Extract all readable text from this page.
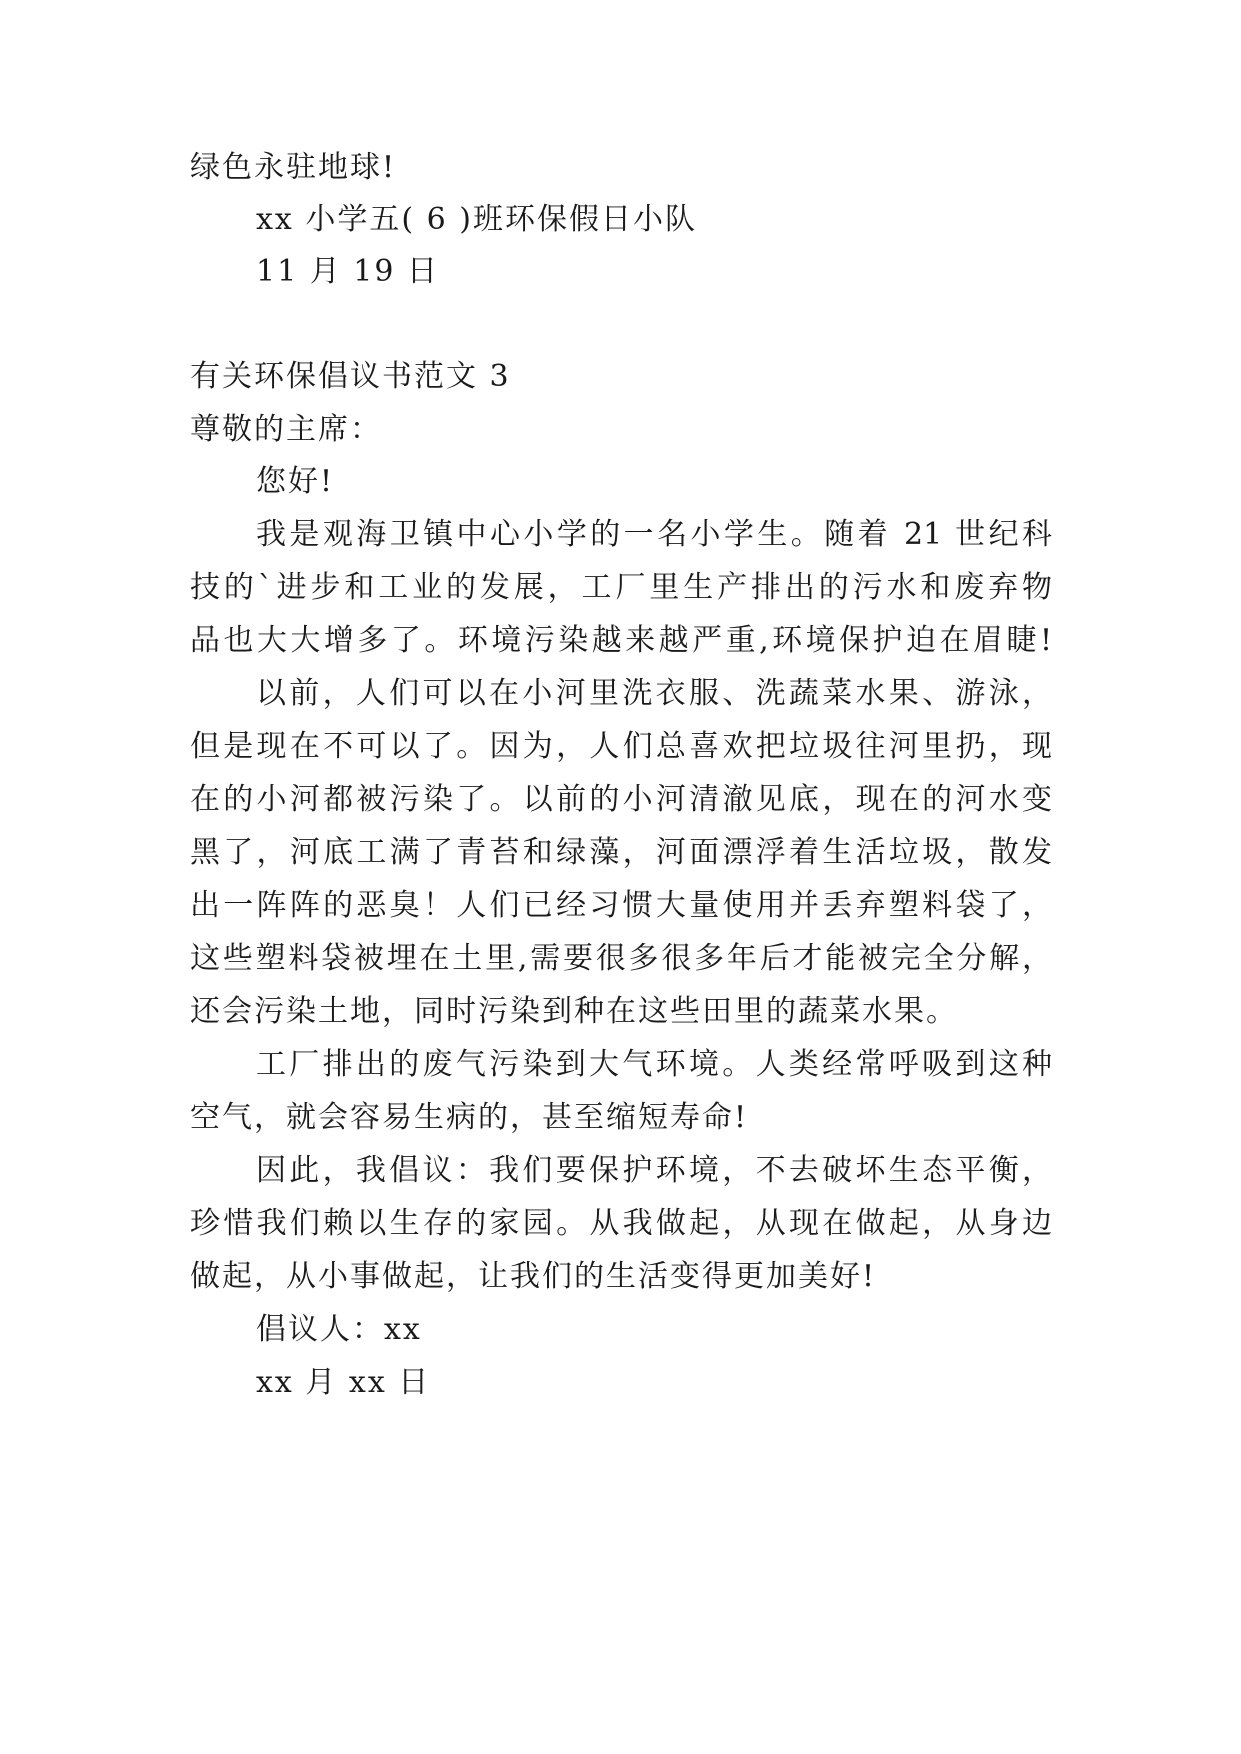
绿色永驻地球!
xx 小学五( 6 )班环保假日小队
11 月 19 日
有关环保倡议书范文 3
尊敬的主席：
您好!
我是观海卫镇中心小学的一名小学生。随着 21 世纪科
技的`进步和工业的发展，工厂里生产排出的污水和废弃物
品也大大增多了。环境污染越来越严重,环境保护迫在眉睫!
以前，人们可以在小河里洗衣服、洗蔬菜水果、游泳，
但是现在不可以了。因为，人们总喜欢把垃圾往河里扔，现
在的小河都被污染了。以前的小河清澈见底，现在的河水变
黑了，河底工满了青苔和绿藻，河面漂浮着生活垃圾，散发
出一阵阵的恶臭！人们已经习惯大量使用并丢弃塑料袋了，
这些塑料袋被埋在土里,需要很多很多年后才能被完全分解，
还会污染土地，同时污染到种在这些田里的蔬菜水果。
工厂排出的废气污染到大气环境。人类经常呼吸到这种
空气，就会容易生病的，甚至缩短寿命!
因此，我倡议：我们要保护环境，不去破坏生态平衡，
珍惜我们赖以生存的家园。从我做起，从现在做起，从身边
做起，从小事做起，让我们的生活变得更加美好!
倡议人：xx
xx 月 xx 日
